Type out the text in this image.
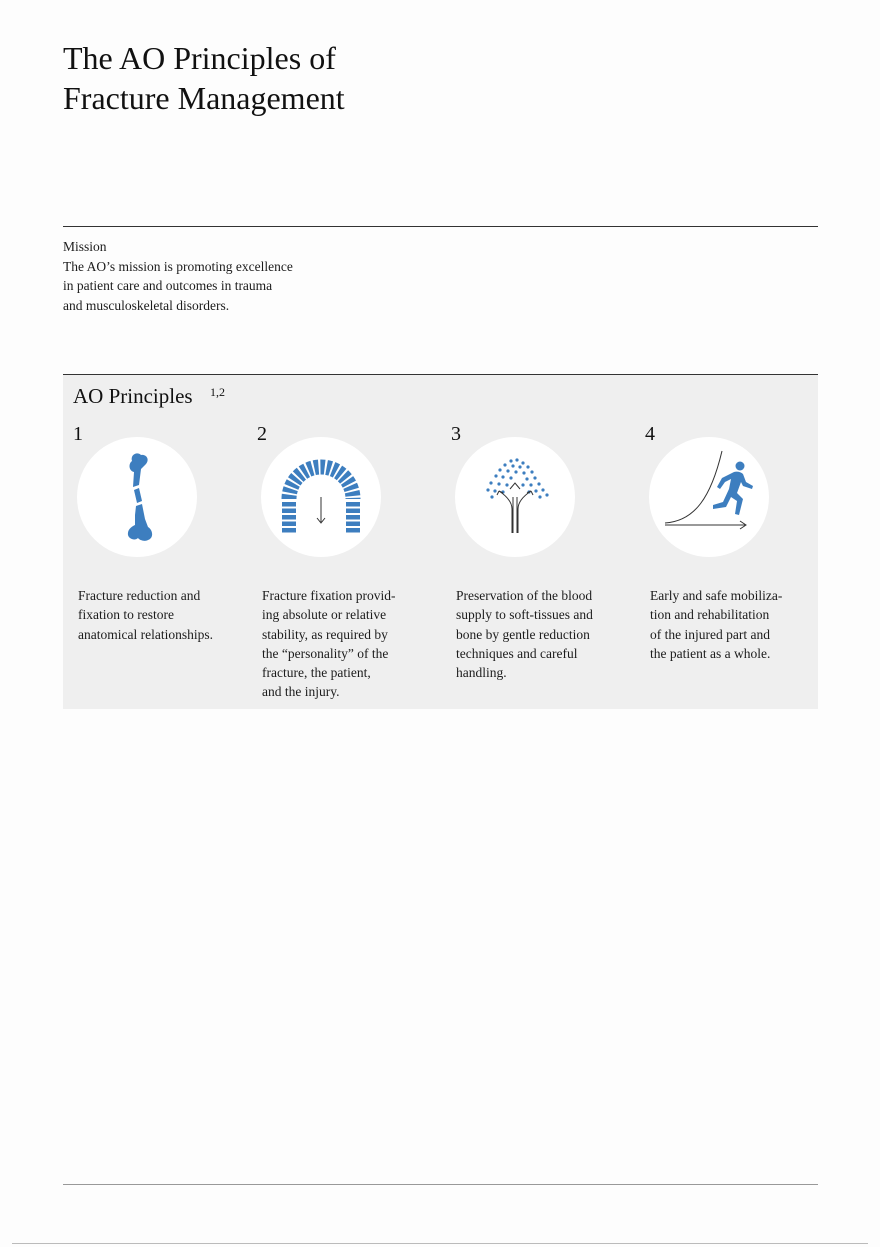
The AO Principles of
Fracture Management
Mission
The AO’s mission is promoting excellence
in patient care and outcomes in trauma
and musculoskeletal disorders.
AO Principles 1,2
1
Fracture reduction and
fixation to restore
anatomical relationships.
2
Fracture fixation provid-
ing absolute or relative
stability, as required by
the “personality” of the
fracture, the patient,
and the injury.
3
Preservation of the blood
supply to soft-tissues and
bone by gentle reduction
techniques and careful
handling.
4
Early and safe mobiliza-
tion and rehabilitation
of the injured part and
the patient as a whole.
